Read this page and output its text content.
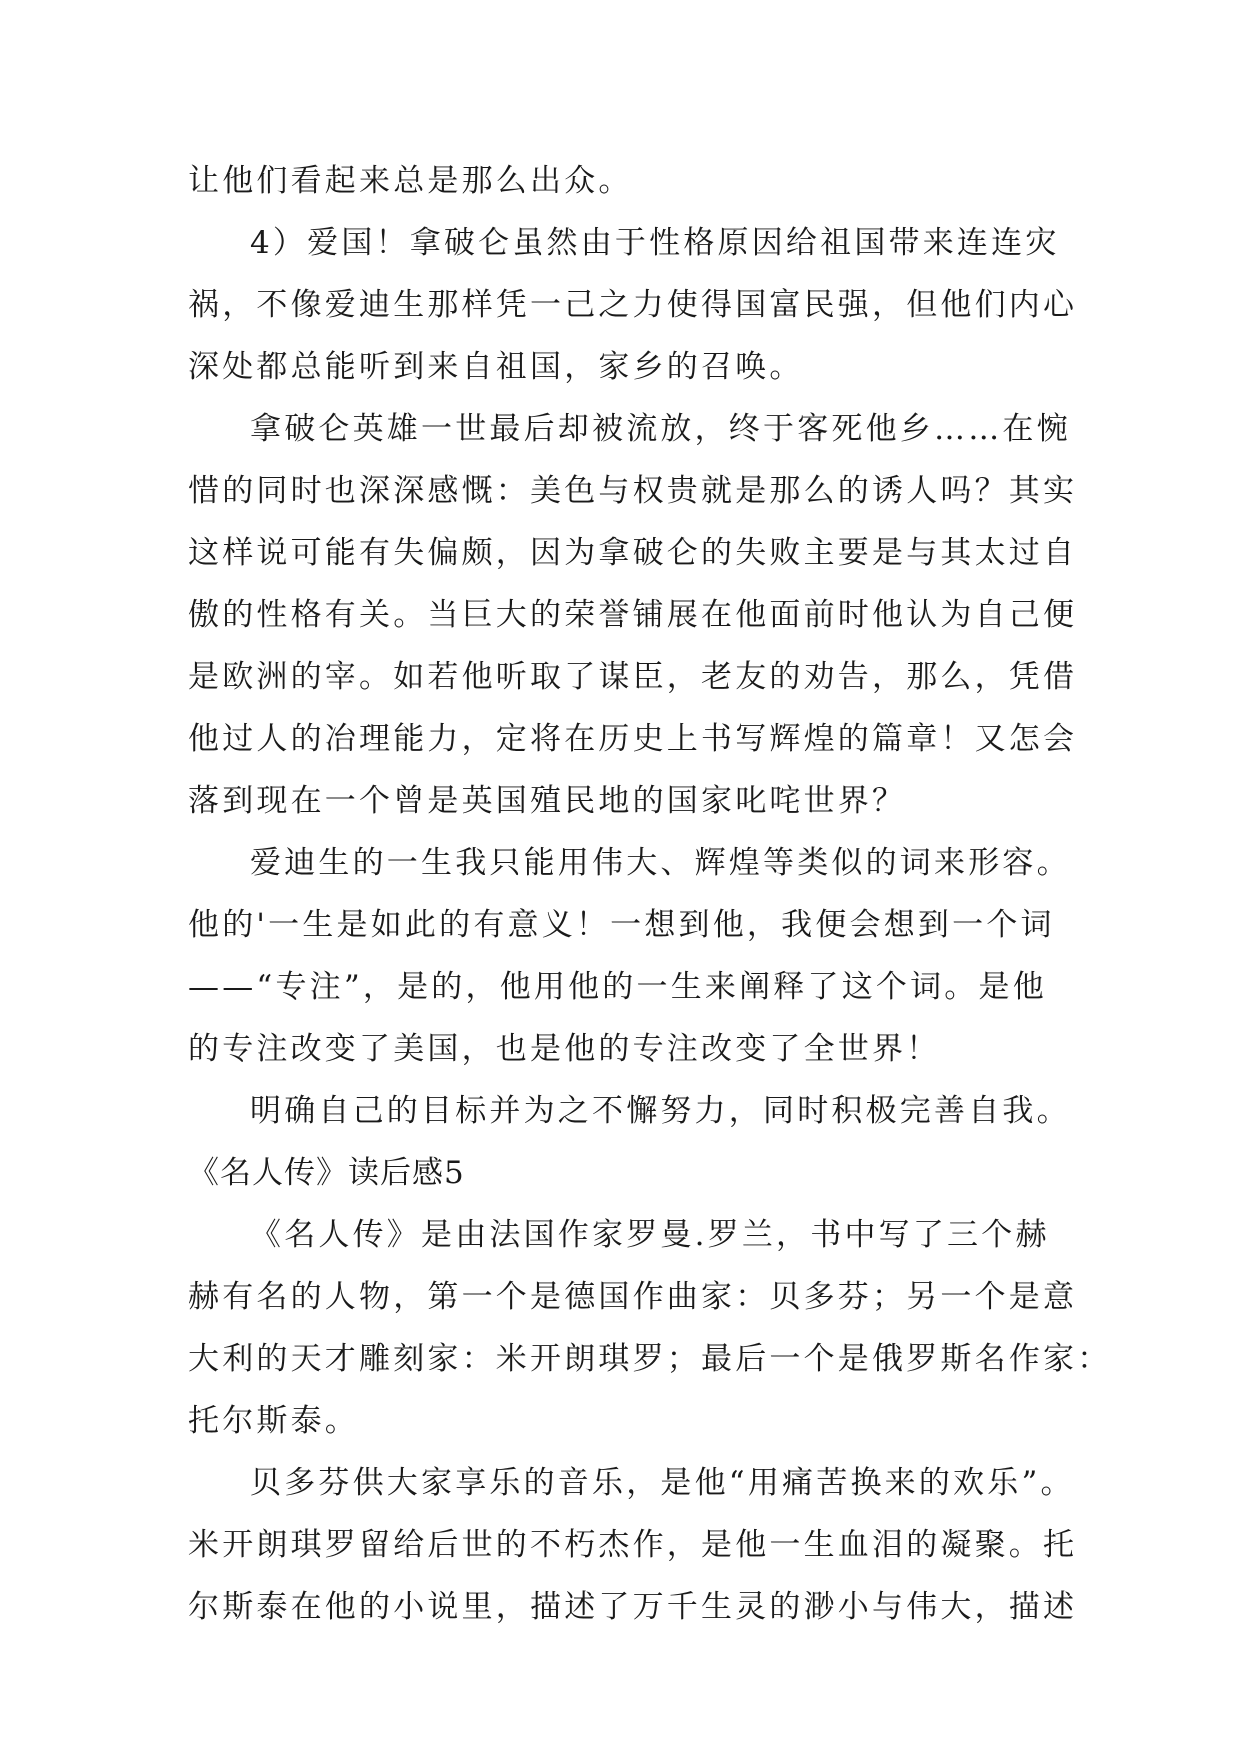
让他们看起来总是那么出众。
4）爱国！拿破仑虽然由于性格原因给祖国带来连连灾
祸，不像爱迪生那样凭一己之力使得国富民强，但他们内心
深处都总能听到来自祖国，家乡的召唤。
拿破仑英雄一世最后却被流放，终于客死他乡……在惋
惜的同时也深深感慨：美色与权贵就是那么的诱人吗？其实
这样说可能有失偏颇，因为拿破仑的失败主要是与其太过自
傲的性格有关。当巨大的荣誉铺展在他面前时他认为自己便
是欧洲的宰。如若他听取了谋臣，老友的劝告，那么，凭借
他过人的冶理能力，定将在历史上书写辉煌的篇章！又怎会
落到现在一个曾是英国殖民地的国家叱咤世界？
爱迪生的一生我只能用伟大、辉煌等类似的词来形容。
他的'一生是如此的有意义！一想到他，我便会想到一个词
——“专注”，是的，他用他的一生来阐释了这个词。是他
的专注改变了美国，也是他的专注改变了全世界！
明确自己的目标并为之不懈努力，同时积极完善自我。
《名人传》读后感5
《名人传》是由法国作家罗曼.罗兰，书中写了三个赫
赫有名的人物，第一个是德国作曲家：贝多芬；另一个是意
大利的天才雕刻家：米开朗琪罗；最后一个是俄罗斯名作家：
托尔斯泰。
贝多芬供大家享乐的音乐，是他“用痛苦换来的欢乐”。
米开朗琪罗留给后世的不朽杰作，是他一生血泪的凝聚。托
尔斯泰在他的小说里，描述了万千生灵的渺小与伟大，描述
